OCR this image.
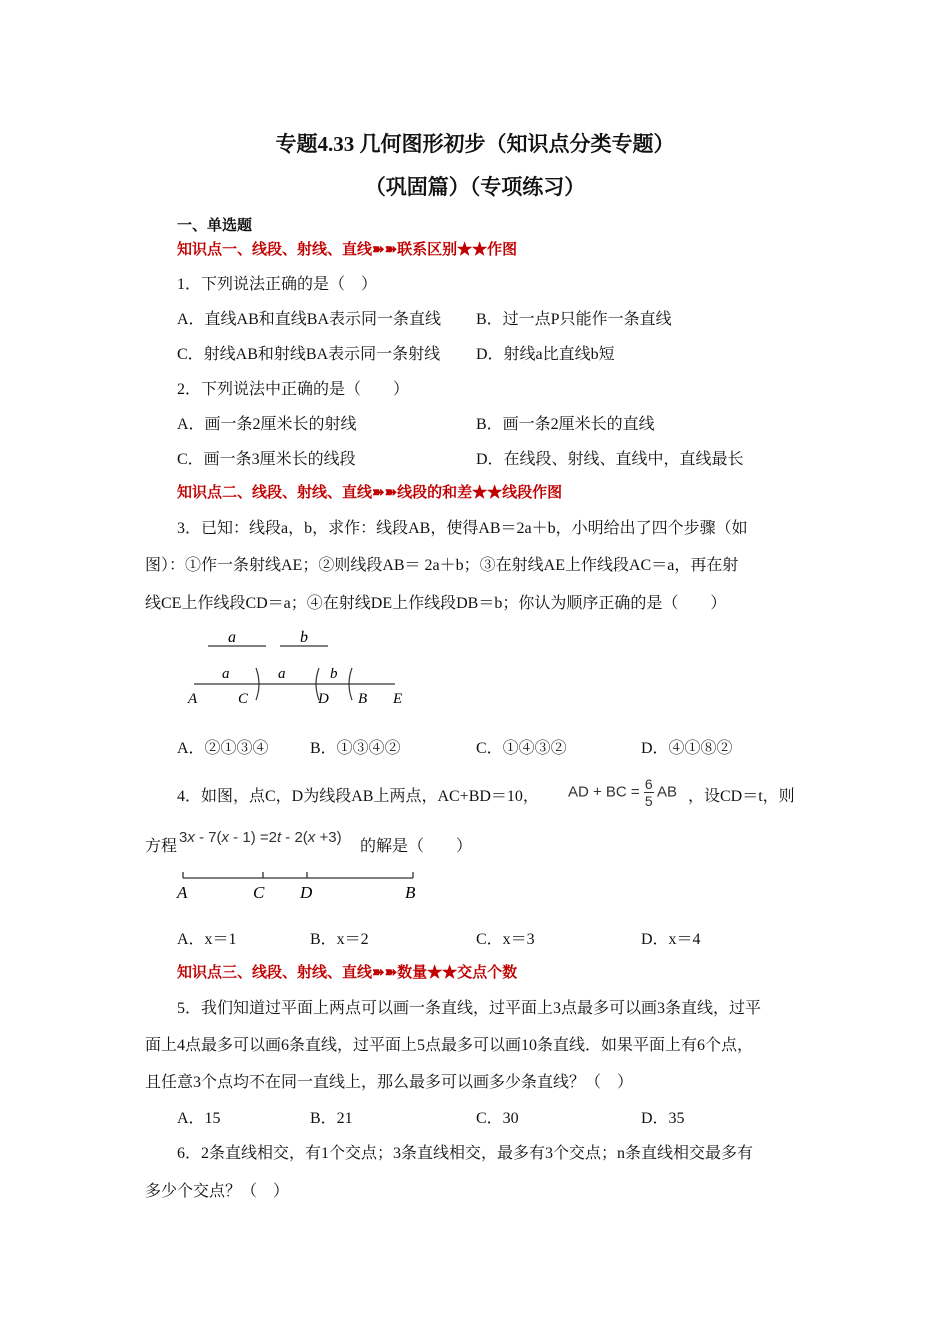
专题4.33 几何图形初步（知识点分类专题）
（巩固篇）（专项练习）
一、单选题
知识点一、线段、射线、直线➽➽联系区别★★作图
1．下列说法正确的是（　）
A．直线AB和直线BA表示同一条直线 B．过一点P只能作一条直线
C．射线AB和射线BA表示同一条射线 D．射线a比直线b短
2．下列说法中正确的是（　　）
A．画一条2厘米长的射线	B．画一条2厘米长的直线
C．画一条3厘米长的线段	D．在线段、射线、直线中，直线最长
知识点二、线段、射线、直线➽➽线段的和差★★线段作图
3．已知：线段a，b，求作：线段AB，使得AB＝2a＋b，小明给出了四个步骤（如
图）：①作一条射线AE；②则线段AB＝ 2a＋b；③在射线AE上作线段AC＝a，再在射
线CE上作线段CD＝a；④在射线DE上作线段DB＝b；你认为顺序正确的是（　　）
a	b
a	a	b
A	C	D B E
A．②①③④	B．①③④②	C．①④③②	D．④①⑧②
4．如图，点C，D为线段AB上两点，AC+BD＝10， AD + BC = $\frac{6}{5}$ AB ，设CD＝t，则
方程
3x - 7(x - 1) =2t - 2(x +3)
的解是（　　）
A	C D	B
A．x＝1	B．x＝2	C．x＝3	D．x＝4
知识点三、线段、射线、直线➽➽数量★★交点个数
5．我们知道过平面上两点可以画一条直线，过平面上3点最多可以画3条直线，过平
面上4点最多可以画6条直线，过平面上5点最多可以画10条直线．如果平面上有6个点，
且任意3个点均不在同一直线上，那么最多可以画多少条直线？（　）
A．15	B．21	C．30	D．35
6．2条直线相交，有1个交点；3条直线相交，最多有3个交点；n条直线相交最多有
多少个交点？（　）
